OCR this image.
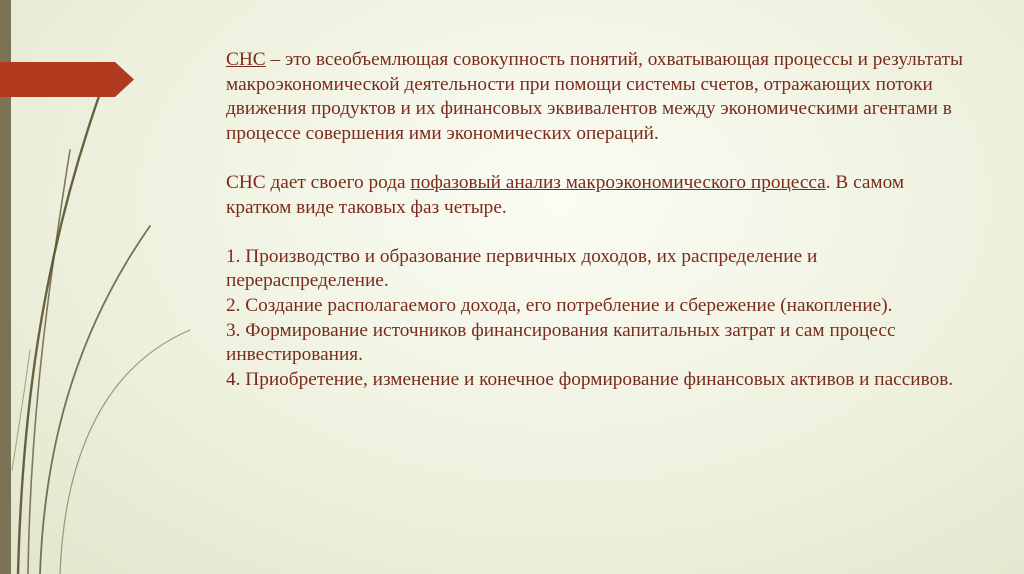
СНС – это всеобъемлющая совокупность понятий, охватывающая процессы и результаты макроэкономической деятельности при помощи системы счетов, отражающих потоки движения продуктов и их финансовых эквивалентов между экономическими агентами в процессе совершения ими экономических операций.

СНС дает своего рода пофазовый анализ макроэкономического процесса. В самом кратком виде таковых фаз четыре.

1. Производство и образование первичных доходов, их распределение и перераспределение.

2. Создание располагаемого дохода, его потребление и сбережение (накопление).

3. Формирование источников финансирования капитальных затрат и сам процесс инвестирования.

4. Приобретение, изменение и конечное формирование финансовых активов и пассивов.
